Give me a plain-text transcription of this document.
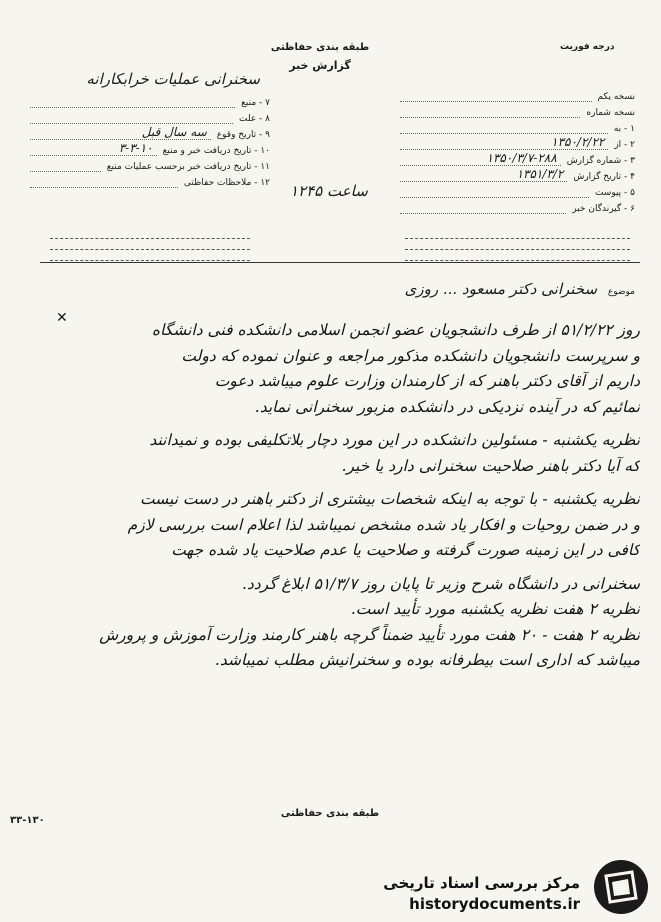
درجه فوریت
طبقه بندی حفاظتی
گزارش خبر
سخنرانی عملیات خرابکارانه
۷ - منبع
۸ - علت
۹ - تاریخ وقوع
سه سال قبل
۱۰ - تاریخ دریافت خبر و منبع
۳-۳-۱۰
۱۱ - تاریخ دریافت خبر برحسب عملیات منبع
۱۲ - ملاحظات حفاظتی
نسخه یکم
نسخه شماره
۱ - به
۲ - از
۱۳۵۰/۲/۲۲
۳ - شماره گزارش
۱۳۵۰/۳/۷-۲۸۸
۴ - تاریخ گزارش
۱۳۵۱/۳/۲
۵ - پیوست
۶ - گیرندگان خبر
ساعت ۱۲۴۵
موضوع سخنرانی دکتر مسعود ... روزی
✕

روز ۵۱/۲/۲۲ از طرف دانشجویان عضو انجمن اسلامی دانشکده فنی دانشگاه

و سرپرست دانشجویان دانشکده مذکور مراجعه و عنوان نموده که دولت

داریم از آقای دکتر باهنر که از کارمندان وزارت علوم میباشد دعوت

نمائیم که در آینده نزدیکی در دانشکده مزبور سخنرانی نماید.

نظریه یکشنبه - مسئولین دانشکده در این مورد دچار بلاتکلیفی بوده و نمیدانند

که آیا دکتر باهنر صلاحیت سخنرانی دارد یا خیر.

نظریه یکشنبه - با توجه به اینکه شخصات بیشتری از دکتر باهنر در دست نیست

و در ضمن روحیات و افکار یاد شده مشخص نمیباشد لذا اعلام است بررسی لازم

کافی در این زمینه صورت گرفته و صلاحیت یا عدم صلاحیت یاد شده جهت

سخنرانی در دانشگاه شرح وزیر تا پایان روز ۵۱/۳/۷ ابلاغ گردد.

نظریه ۲ هفت نظریه یکشنبه مورد تأیید است.

نظریه ۲ هفت - ۲۰ هفت مورد تأیید ضمناً گرچه باهنر کارمند وزارت آموزش و پرورش

میباشد که اداری است بیطرفانه بوده و سخنرانیش مطلب نمیباشد.

طبقه بندی حفاظتی
۳۳-۱۳۰
مرکز بررسی اسناد تاریخی
historydocuments.ir
